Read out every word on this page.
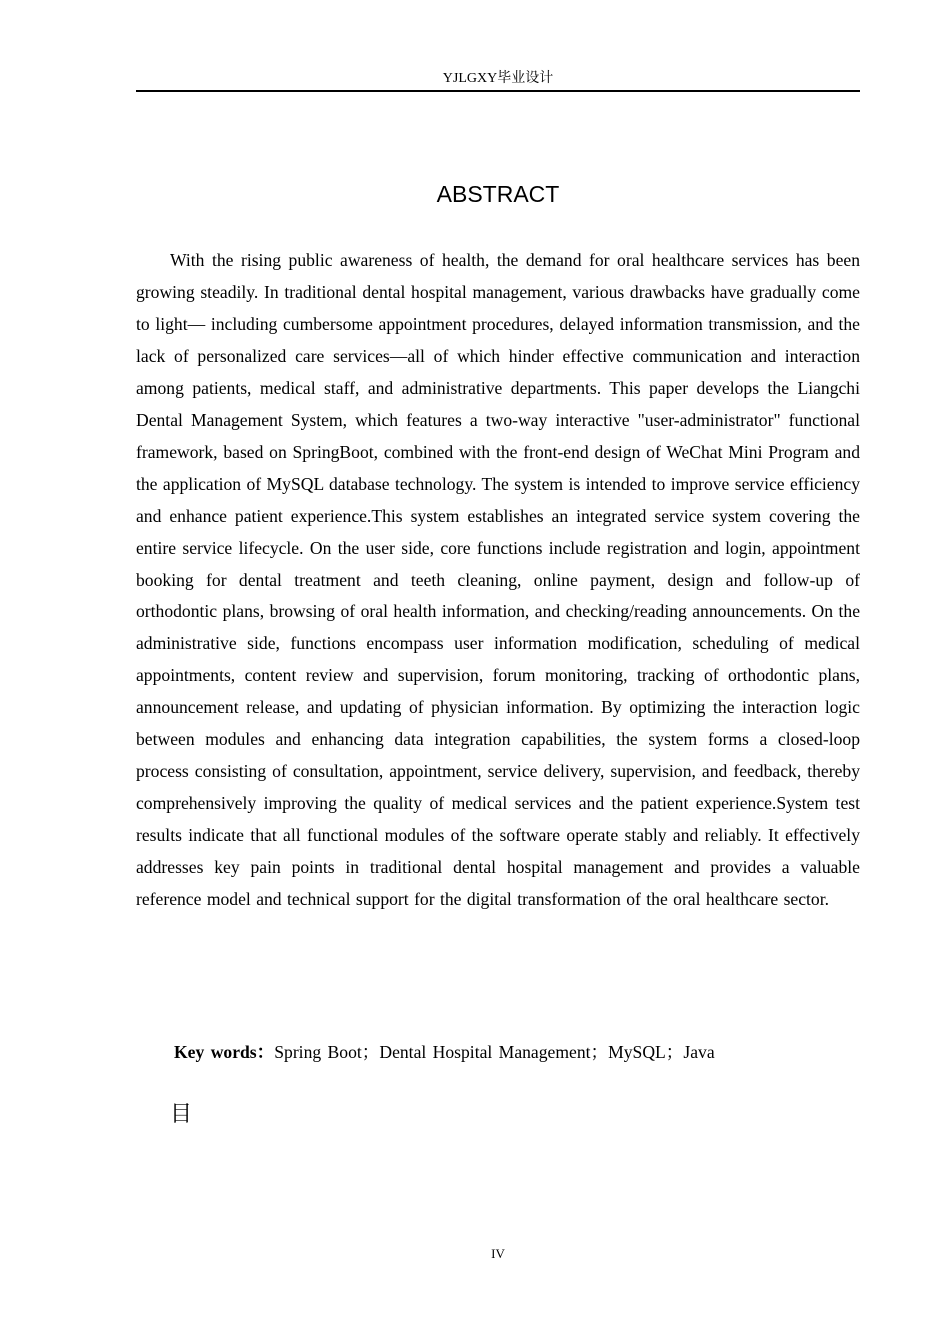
YJLGXY毕业设计
ABSTRACT

With the rising public awareness of health, the demand for oral healthcare services has been growing steadily. In traditional dental hospital management, various drawbacks have gradually come to light— including cumbersome appointment procedures, delayed information transmission, and the lack of personalized care services—all of which hinder effective communication and interaction among patients, medical staff, and administrative departments. This paper develops the Liangchi Dental Management System, which features a two-way interactive "user-administrator" functional framework, based on SpringBoot, combined with the front-end design of WeChat Mini Program and the application of MySQL database technology. The system is intended to improve service efficiency and enhance patient experience.This system establishes an integrated service system covering the entire service lifecycle. On the user side, core functions include registration and login, appointment booking for dental treatment and teeth cleaning, online payment, design and follow-up of orthodontic plans, browsing of oral health information, and checking/reading announcements. On the administrative side, functions encompass user information modification, scheduling of medical appointments, content review and supervision, forum monitoring, tracking of orthodontic plans, announcement release, and updating of physician information. By optimizing the interaction logic between modules and enhancing data integration capabilities, the system forms a closed-loop process consisting of consultation, appointment, service delivery, supervision, and feedback, thereby comprehensively improving the quality of medical services and the patient experience.System test results indicate that all functional modules of the software operate stably and reliably. It effectively addresses key pain points in traditional dental hospital management and provides a valuable reference model and technical support for the digital transformation of the oral healthcare sector.

Key words：Spring Boot；Dental Hospital Management；MySQL；Java
目
IV
